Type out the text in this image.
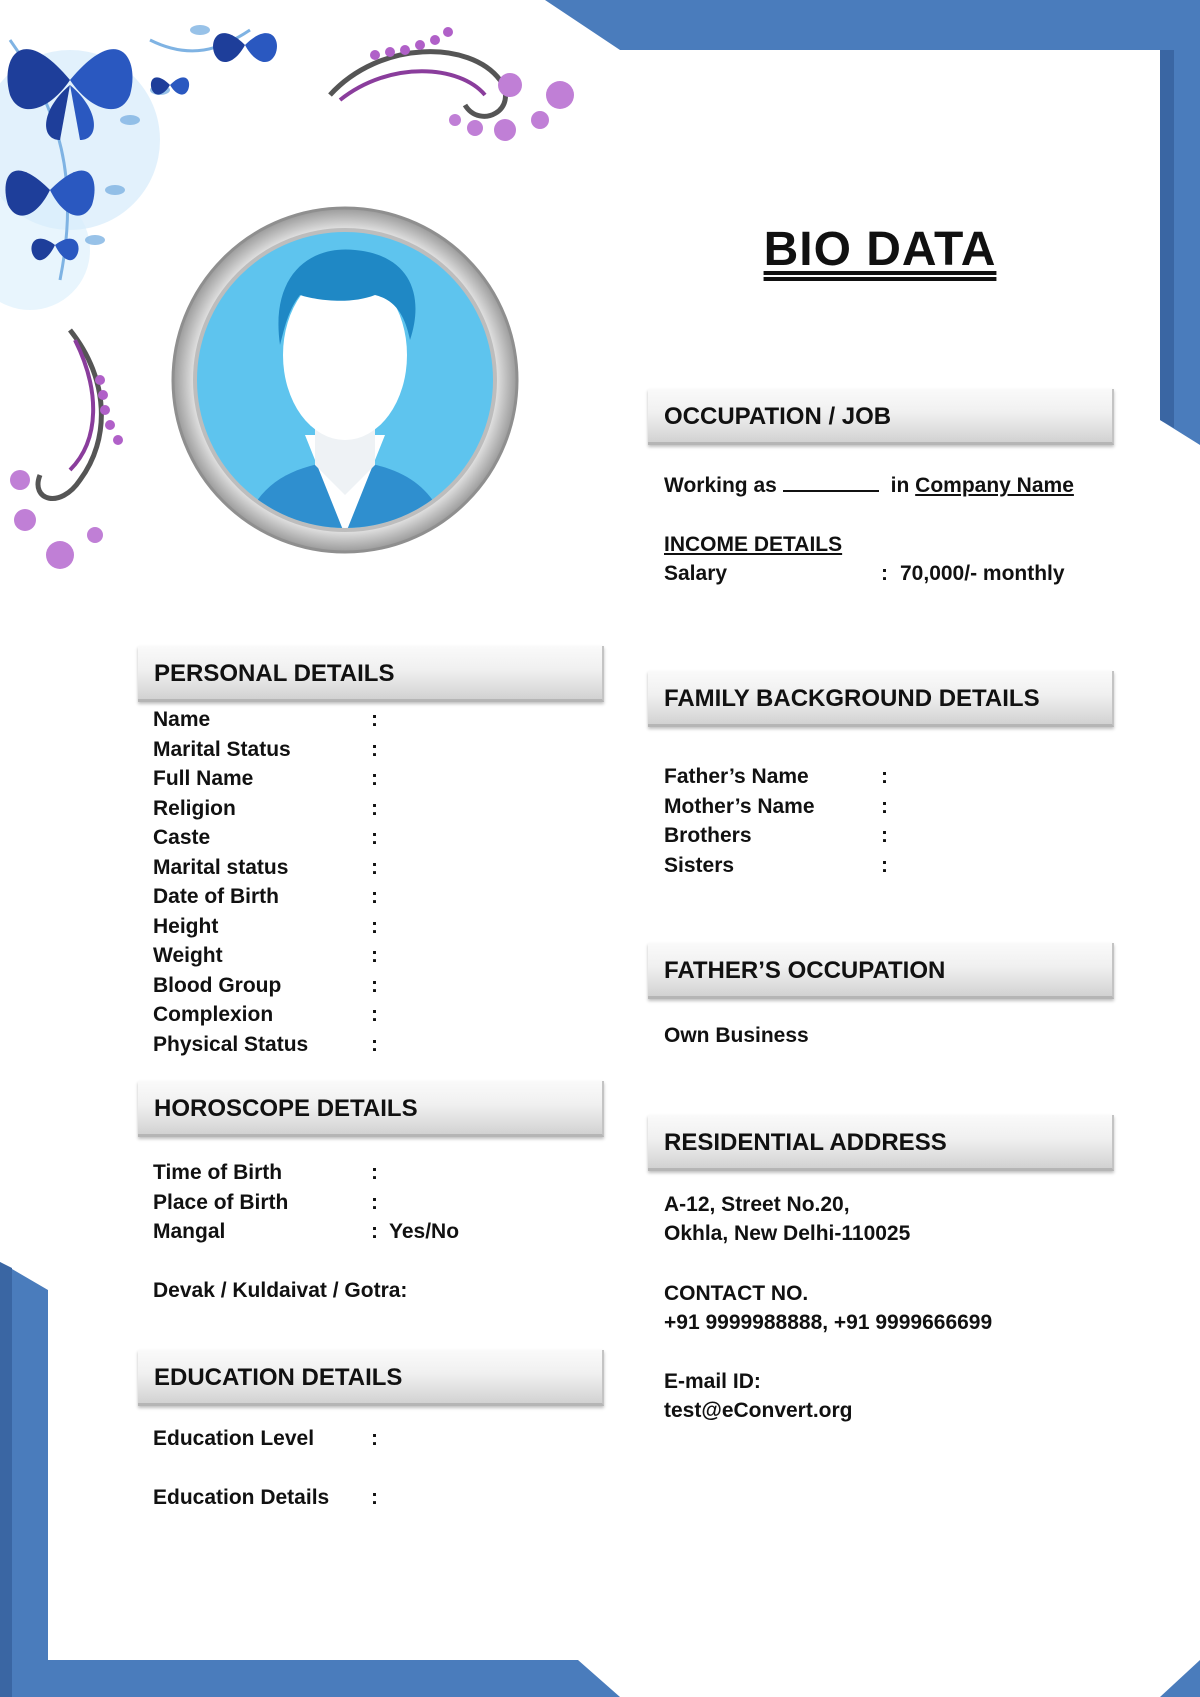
BIO DATA
OCCUPATION / JOB
Working as	in Company Name
INCOME DETAILS
Salary	: 70,000/- monthly
PERSONAL DETAILS
Name
Marital Status
Full Name
Religion
Caste
Marital status
Date of Birth
Height
Weight
Blood Group
Complexion
Physical Status
:
:
:
:
:
:
:
:
:
:
:
:
HOROSCOPE DETAILS
Time of Birth
Place of Birth
Mangal
:
:
: Yes/No
Devak / Kuldaivat / Gotra:
EDUCATION DETAILS
Education Level
Education Details
:
:
FAMILY BACKGROUND DETAILS
Father’s Name
Mother’s Name
Brothers
Sisters
:
:
:
:
FATHER’S OCCUPATION
Own Business
RESIDENTIAL ADDRESS
A-12, Street No.20,
Okhla, New Delhi-110025
CONTACT NO.
+91 9999988888, +91 9999666699
E-mail ID:
test@eConvert.org
